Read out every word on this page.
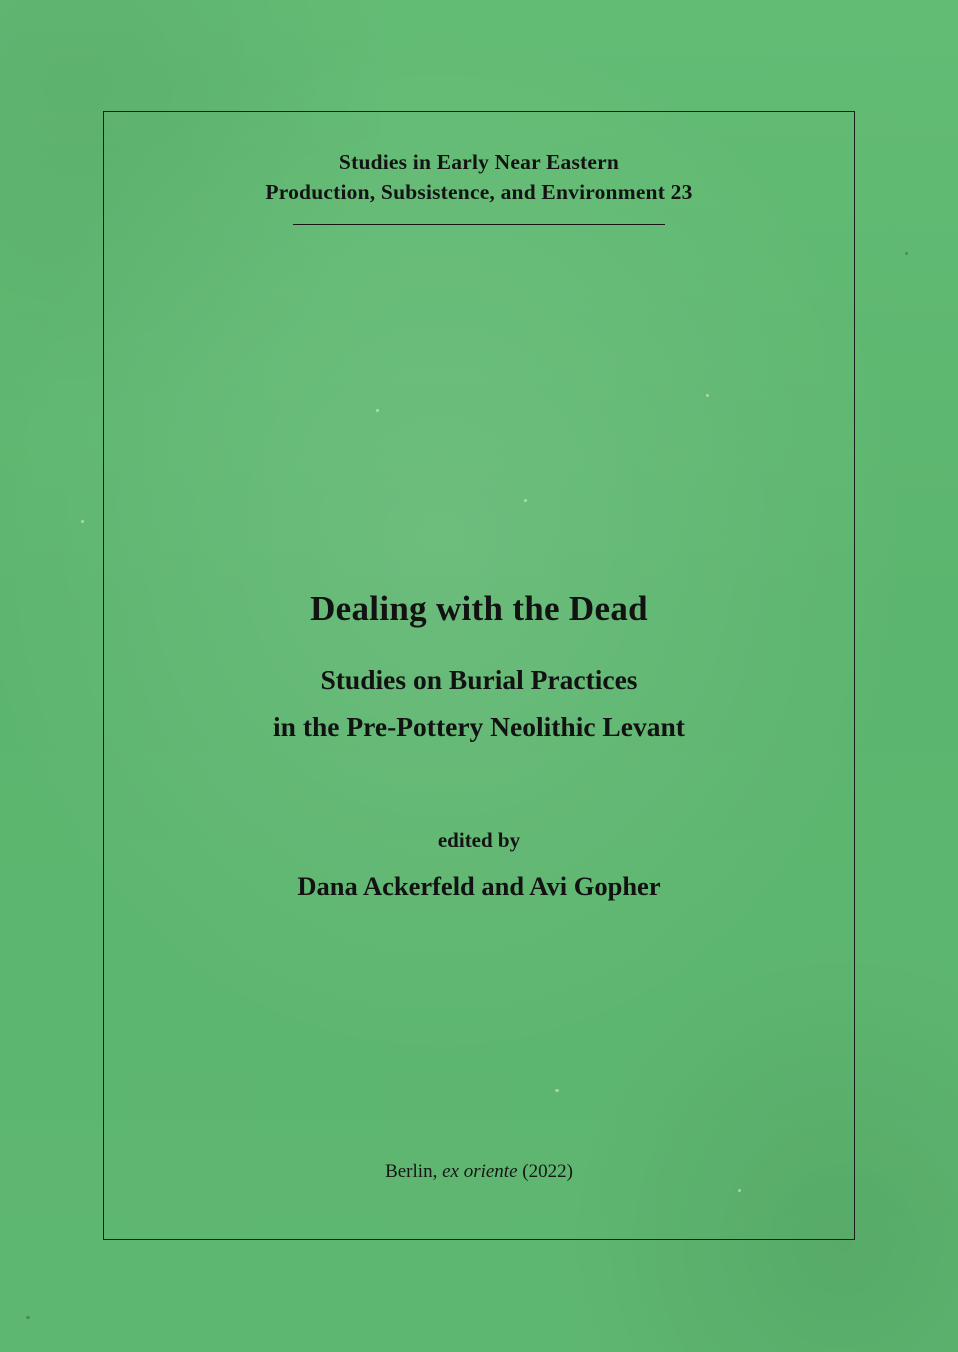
Studies in Early Near Eastern
Production, Subsistence, and Environment 23
Dealing with the Dead
Studies on Burial Practices
in the Pre-Pottery Neolithic Levant
edited by
Dana Ackerfeld and Avi Gopher
Berlin, ex oriente (2022)
